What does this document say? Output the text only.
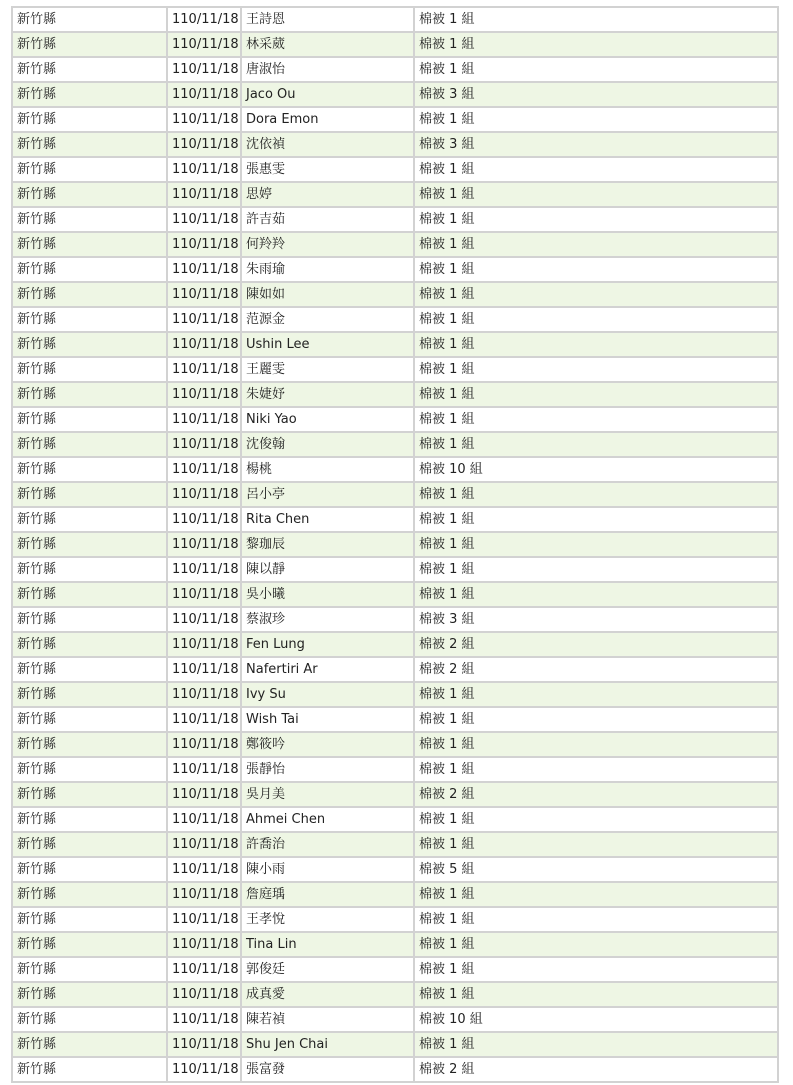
新竹縣	110/11/18	王詩恩	棉被 1 組
新竹縣	110/11/18	林采葳	棉被 1 組
新竹縣	110/11/18	唐淑怡	棉被 1 組
新竹縣	110/11/18	Jaco Ou	棉被 3 組
新竹縣	110/11/18	Dora Emon	棉被 1 組
新竹縣	110/11/18	沈依禎	棉被 3 組
新竹縣	110/11/18	張惠雯	棉被 1 組
新竹縣	110/11/18	思婷	棉被 1 組
新竹縣	110/11/18	許吉茹	棉被 1 組
新竹縣	110/11/18	何羚羚	棉被 1 組
新竹縣	110/11/18	朱雨瑜	棉被 1 組
新竹縣	110/11/18	陳如如	棉被 1 組
新竹縣	110/11/18	范源金	棉被 1 組
新竹縣	110/11/18	Ushin Lee	棉被 1 組
新竹縣	110/11/18	王麗雯	棉被 1 組
新竹縣	110/11/18	朱婕妤	棉被 1 組
新竹縣	110/11/18	Niki Yao	棉被 1 組
新竹縣	110/11/18	沈俊翰	棉被 1 組
新竹縣	110/11/18	楊桃	棉被 10 組
新竹縣	110/11/18	呂小亭	棉被 1 組
新竹縣	110/11/18	Rita Chen	棉被 1 組
新竹縣	110/11/18	黎珈辰	棉被 1 組
新竹縣	110/11/18	陳以靜	棉被 1 組
新竹縣	110/11/18	吳小曦	棉被 1 組
新竹縣	110/11/18	蔡淑珍	棉被 3 組
新竹縣	110/11/18	Fen Lung	棉被 2 組
新竹縣	110/11/18	Nafertiri Ar	棉被 2 組
新竹縣	110/11/18	Ivy Su	棉被 1 組
新竹縣	110/11/18	Wish Tai	棉被 1 組
新竹縣	110/11/18	鄭筱吟	棉被 1 組
新竹縣	110/11/18	張靜怡	棉被 1 組
新竹縣	110/11/18	吳月美	棉被 2 組
新竹縣	110/11/18	Ahmei Chen	棉被 1 組
新竹縣	110/11/18	許喬治	棉被 1 組
新竹縣	110/11/18	陳小雨	棉被 5 組
新竹縣	110/11/18	詹庭瑀	棉被 1 組
新竹縣	110/11/18	王孝悅	棉被 1 組
新竹縣	110/11/18	Tina Lin	棉被 1 組
新竹縣	110/11/18	郭俊廷	棉被 1 組
新竹縣	110/11/18	成真愛	棉被 1 組
新竹縣	110/11/18	陳若禎	棉被 10 組
新竹縣	110/11/18	Shu Jen Chai	棉被 1 組
新竹縣	110/11/18	張富發	棉被 2 組
